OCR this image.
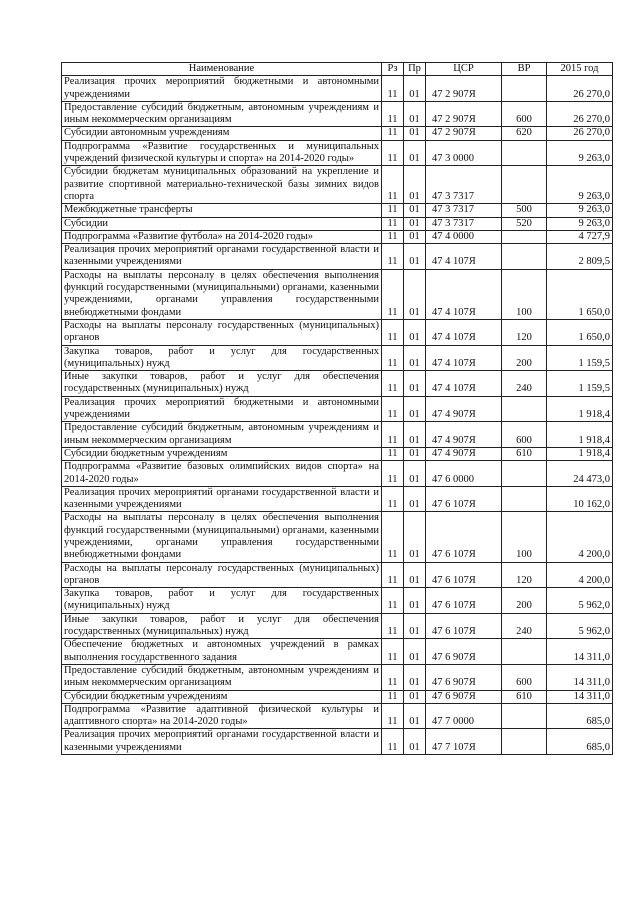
Наименование	Рз	Пр	ЦСР	ВР	2015 год
Реализация прочих мероприятий бюджетными и автономными учреждениями	11	01	47 2 907Я		26 270,0
Предоставление субсидий бюджетным, автономным учреждениям и иным некоммерческим организациям	11	01	47 2 907Я	600	26 270,0
Субсидии автономным учреждениям	11	01	47 2 907Я	620	26 270,0
Подпрограмма «Развитие государственных и муниципальных учреждений физической культуры и спорта» на 2014-2020 годы»	11	01	47 3 0000		9 263,0
Субсидии бюджетам муниципальных образований на укрепление и развитие спортивной материально-технической базы зимних видов спорта	11	01	47 3 7317		9 263,0
Межбюджетные трансферты	11	01	47 3 7317	500	9 263,0
Субсидии	11	01	47 3 7317	520	9 263,0
Подпрограмма «Развитие футбола» на 2014-2020 годы»	11	01	47 4 0000		4 727,9
Реализация прочих мероприятий органами государственной власти и казенными учреждениями	11	01	47 4 107Я		2 809,5
Расходы на выплаты персоналу в целях обеспечения выполнения функций государственными (муниципальными) органами, казенными учреждениями, органами управления государственными внебюджетными фондами	11	01	47 4 107Я	100	1 650,0
Расходы на выплаты персоналу государственных (муниципальных) органов	11	01	47 4 107Я	120	1 650,0
Закупка товаров, работ и услуг для государственных (муниципальных) нужд	11	01	47 4 107Я	200	1 159,5
Иные закупки товаров, работ и услуг для обеспечения государственных (муниципальных) нужд	11	01	47 4 107Я	240	1 159,5
Реализация прочих мероприятий бюджетными и автономными учреждениями	11	01	47 4 907Я		1 918,4
Предоставление субсидий бюджетным, автономным учреждениям и иным некоммерческим организациям	11	01	47 4 907Я	600	1 918,4
Субсидии бюджетным учреждениям	11	01	47 4 907Я	610	1 918,4
Подпрограмма «Развитие базовых олимпийских видов спорта» на 2014-2020 годы»	11	01	47 6 0000		24 473,0
Реализация прочих мероприятий органами государственной власти и казенными учреждениями	11	01	47 6 107Я		10 162,0
Расходы на выплаты персоналу в целях обеспечения выполнения функций государственными (муниципальными) органами, казенными учреждениями, органами управления государственными внебюджетными фондами	11	01	47 6 107Я	100	4 200,0
Расходы на выплаты персоналу государственных (муниципальных) органов	11	01	47 6 107Я	120	4 200,0
Закупка товаров, работ и услуг для государственных (муниципальных) нужд	11	01	47 6 107Я	200	5 962,0
Иные закупки товаров, работ и услуг для обеспечения государственных (муниципальных) нужд	11	01	47 6 107Я	240	5 962,0
Обеспечение бюджетных и автономных учреждений в рамках выполнения государственного задания	11	01	47 6 907Я		14 311,0
Предоставление субсидий бюджетным, автономным учреждениям и иным некоммерческим организациям	11	01	47 6 907Я	600	14 311,0
Субсидии бюджетным учреждениям	11	01	47 6 907Я	610	14 311,0
Подпрограмма «Развитие адаптивной физической культуры и адаптивного спорта» на 2014-2020 годы»	11	01	47 7 0000		685,0
Реализация прочих мероприятий органами государственной власти и казенными учреждениями	11	01	47 7 107Я		685,0
